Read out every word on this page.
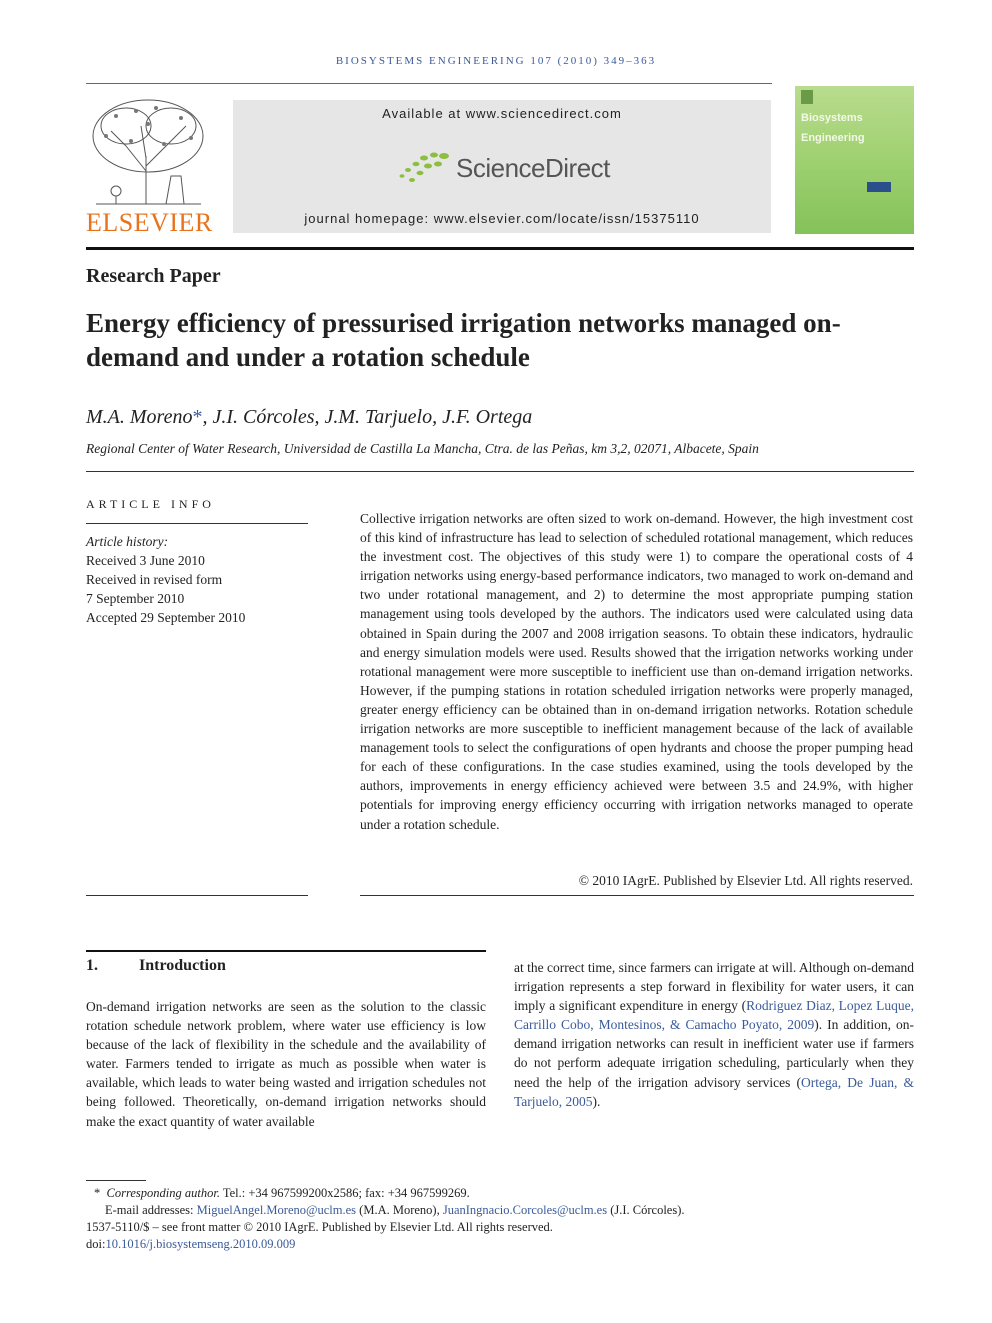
BIOSYSTEMS ENGINEERING 107 (2010) 349–363
ELSEVIER
Available at www.sciencedirect.com
ScienceDirect
journal homepage: www.elsevier.com/locate/issn/15375110
Biosystems
Engineering
Research Paper
Energy efficiency of pressurised irrigation networks managed on-demand and under a rotation schedule
M.A. Moreno*, J.I. Córcoles, J.M. Tarjuelo, J.F. Ortega
Regional Center of Water Research, Universidad de Castilla La Mancha, Ctra. de las Peñas, km 3,2, 02071, Albacete, Spain
ARTICLE INFO
Article history:
Received 3 June 2010
Received in revised form
7 September 2010
Accepted 29 September 2010
Collective irrigation networks are often sized to work on-demand. However, the high investment cost of this kind of infrastructure has lead to selection of scheduled rotational management, which reduces the investment cost. The objectives of this study were 1) to compare the operational costs of 4 irrigation networks using energy-based performance indicators, two managed to work on-demand and two under rotational management, and 2) to determine the most appropriate pumping station management using tools developed by the authors. The indicators used were calculated using data obtained in Spain during the 2007 and 2008 irrigation seasons. To obtain these indicators, hydraulic and energy simulation models were used. Results showed that the irrigation networks working under rotational management were more susceptible to inefficient use than on-demand irrigation networks. However, if the pumping stations in rotation scheduled irrigation networks were properly managed, greater energy efficiency can be obtained than in on-demand irrigation networks. Rotation schedule irrigation networks are more susceptible to inefficient management because of the lack of available management tools to select the configurations of open hydrants and choose the proper pumping head for each of these configurations. In the case studies examined, using the tools developed by the authors, improvements in energy efficiency achieved were between 3.5 and 24.9%, with higher potentials for improving energy efficiency occurring with irrigation networks managed to operate under a rotation schedule.
© 2010 IAgrE. Published by Elsevier Ltd. All rights reserved.
1.	Introduction
On-demand irrigation networks are seen as the solution to the classic rotation schedule network problem, where water use efficiency is low because of the lack of flexibility in the schedule and the availability of water. Farmers tended to irrigate as much as possible when water is available, which leads to water being wasted and irrigation schedules not being followed. Theoretically, on-demand irrigation networks should make the exact quantity of water available
at the correct time, since farmers can irrigate at will. Although on-demand irrigation represents a step forward in flexibility for water users, it can imply a significant expenditure in energy (Rodriguez Diaz, Lopez Luque, Carrillo Cobo, Montesinos, & Camacho Poyato, 2009). In addition, on-demand irrigation networks can result in inefficient water use if farmers do not perform adequate irrigation scheduling, particularly when they need the help of the irrigation advisory services (Ortega, De Juan, & Tarjuelo, 2005).
* Corresponding author. Tel.: +34 967599200x2586; fax: +34 967599269.
E-mail addresses: MiguelAngel.Moreno@uclm.es (M.A. Moreno), JuanIngnacio.Corcoles@uclm.es (J.I. Córcoles).
1537-5110/$ – see front matter © 2010 IAgrE. Published by Elsevier Ltd. All rights reserved.
doi:10.1016/j.biosystemseng.2010.09.009
